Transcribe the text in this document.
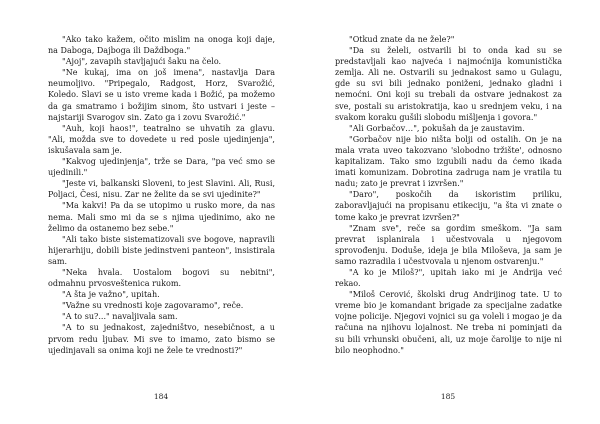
"Ako tako kažem, očito mislim na onoga koji daje, na Daboga, Dajboga ili Daždboga."

"Ajoj", zavapih stavljajući šaku na čelo.

"Ne kukaj, ima on još imena", nastavlja Dara neumoljivo. "Pripegalo, Radgost, Horz, Svarožić, Koledo. Slavi se u isto vreme kada i Božić, pa možemo da ga smatramo i božijim sinom, što ustvari i jeste – najstariji Svarogov sin. Zato ga i zovu Svarožić."

"Auh, koji haos!", teatralno se uhvatih za glavu. "Ali, možda sve to dovedete u red posle ujedinjenja", iskušavala sam je.

"Kakvog ujedinjenja", trže se Dara, "pa već smo se ujedinili."

"Jeste vi, balkanski Sloveni, to jest Slavini. Ali, Rusi, Poljaci, Česi, nisu. Zar ne želite da se svi ujedinite?"

"Ma kakvi! Pa da se utopimo u rusko more, da nas nema. Mali smo mi da se s njima ujedinimo, ako ne želimo da ostanemo bez sebe."

"Ali tako biste sistematizovali sve bogove, napravili hijerarhiju, dobili biste jedinstveni panteon", insistirala sam.

"Neka hvala. Uostalom bogovi su nebitni", odmahnu prvosveštenica rukom.

"A šta je važno", upitah.

"Važne su vrednosti koje zagovaramo", reče.

"A to su?..." navaljivala sam.

"A to su jednakost, zajedništvo, nesebičnost, a u prvom redu ljubav. Mi sve to imamo, zato bismo se ujedinjavali sa onima koji ne žele te vrednosti?"

184

"Otkud znate da ne žele?"

"Da su želeli, ostvarili bi to onda kad su se predstavljali kao najveća i najmoćnija komunistička zemlja. Ali ne. Ostvarili su jednakost samo u Gulagu, gde su svi bili jednako poniženi, jednako gladni i nemoćni. Oni koji su trebali da ostvare jednakost za sve, postali su aristokratija, kao u srednjem veku, i na svakom koraku gušili slobodu mišljenja i govora."

"Ali Gorbačov…", pokušah da je zaustavim.

"Gorbačov nije bio ništa bolji od ostalih. On je na mala vrata uveo takozvano 'slobodno tržište', odnosno kapitalizam. Tako smo izgubili nadu da ćemo ikada imati komunizam. Dobrotina zadruga nam je vratila tu nadu; zato je prevrat i izvršen."

"Daro", poskočih da iskoristim priliku, zaboravljajući na propisanu etikeciju, "a šta vi znate o tome kako je prevrat izvršen?"

"Znam sve", reče sa gordim smeškom. "Ja sam prevrat isplanirala i učestvovala u njegovom sprovođenju. Doduše, ideja je bila Miloševa, ja sam je samo razradila i učestvovala u njenom ostvarenju."

"A ko je Miloš?", upitah iako mi je Andrija već rekao.

"Miloš Cerović, školski drug Andrijinog tate. U to vreme bio je komandant brigade za specijalne zadatke vojne policije. Njegovi vojnici su ga voleli i mogao je da računa na njihovu lojalnost. Ne treba ni pominjati da su bili vrhunski obučeni, ali, uz moje čarolije to nije ni bilo neophodno."

185
